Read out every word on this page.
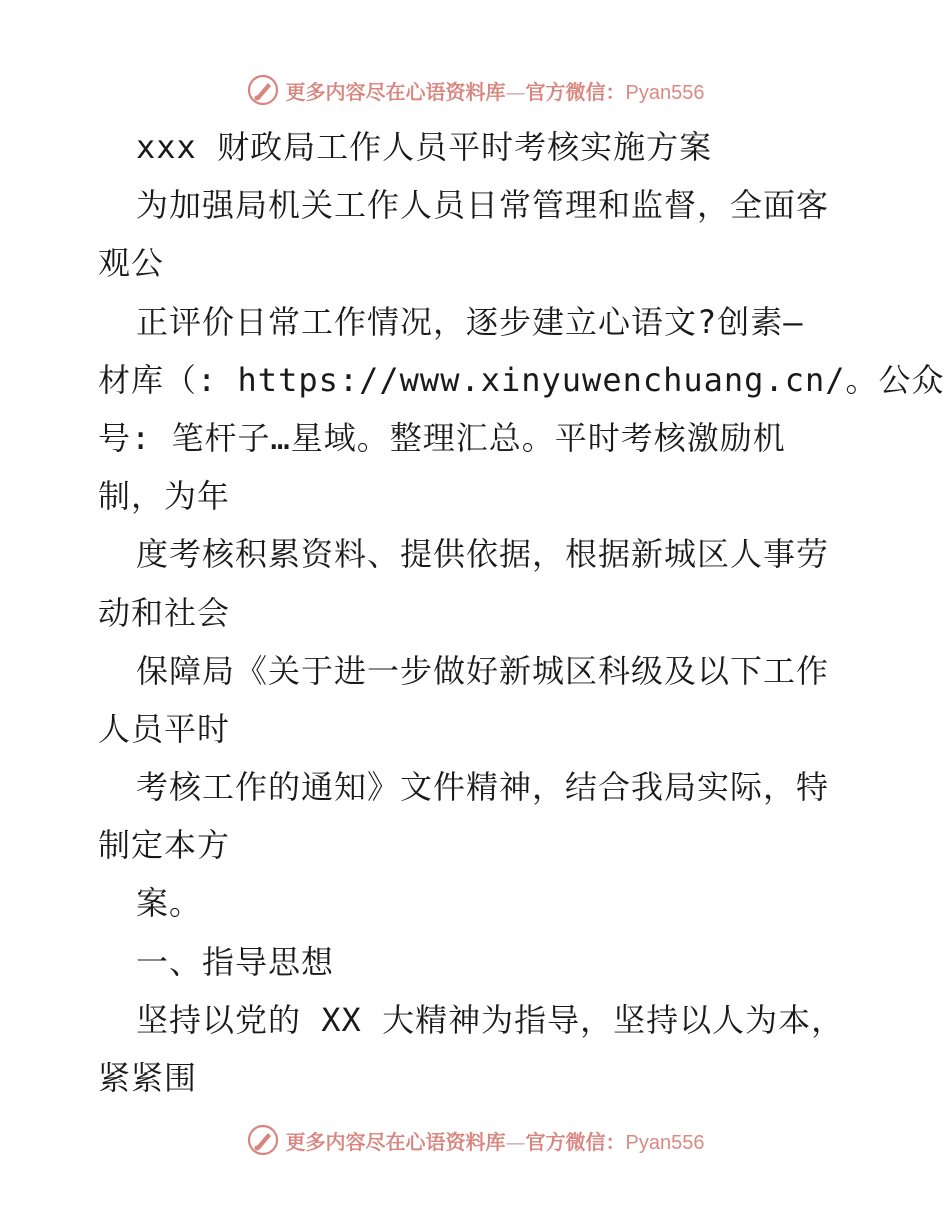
更多内容尽在心语资料库—官方微信：Pyan556
xxx 财政局工作人员平时考核实施方案
为加强局机关工作人员日常管理和监督，全面客
观公
正评价日常工作情况，逐步建立心语文?创素—
材库（: https://www.xinyuwenchuang.cn/。公众
号: 笔杆子…星域。整理汇总。平时考核激励机
制，为年
度考核积累资料、提供依据，根据新城区人事劳
动和社会
保障局《关于进一步做好新城区科级及以下工作
人员平时
考核工作的通知》文件精神，结合我局实际，特
制定本方
案。
一、指导思想
坚持以党的 XX 大精神为指导，坚持以人为本，
紧紧围
更多内容尽在心语资料库—官方微信：Pyan556
